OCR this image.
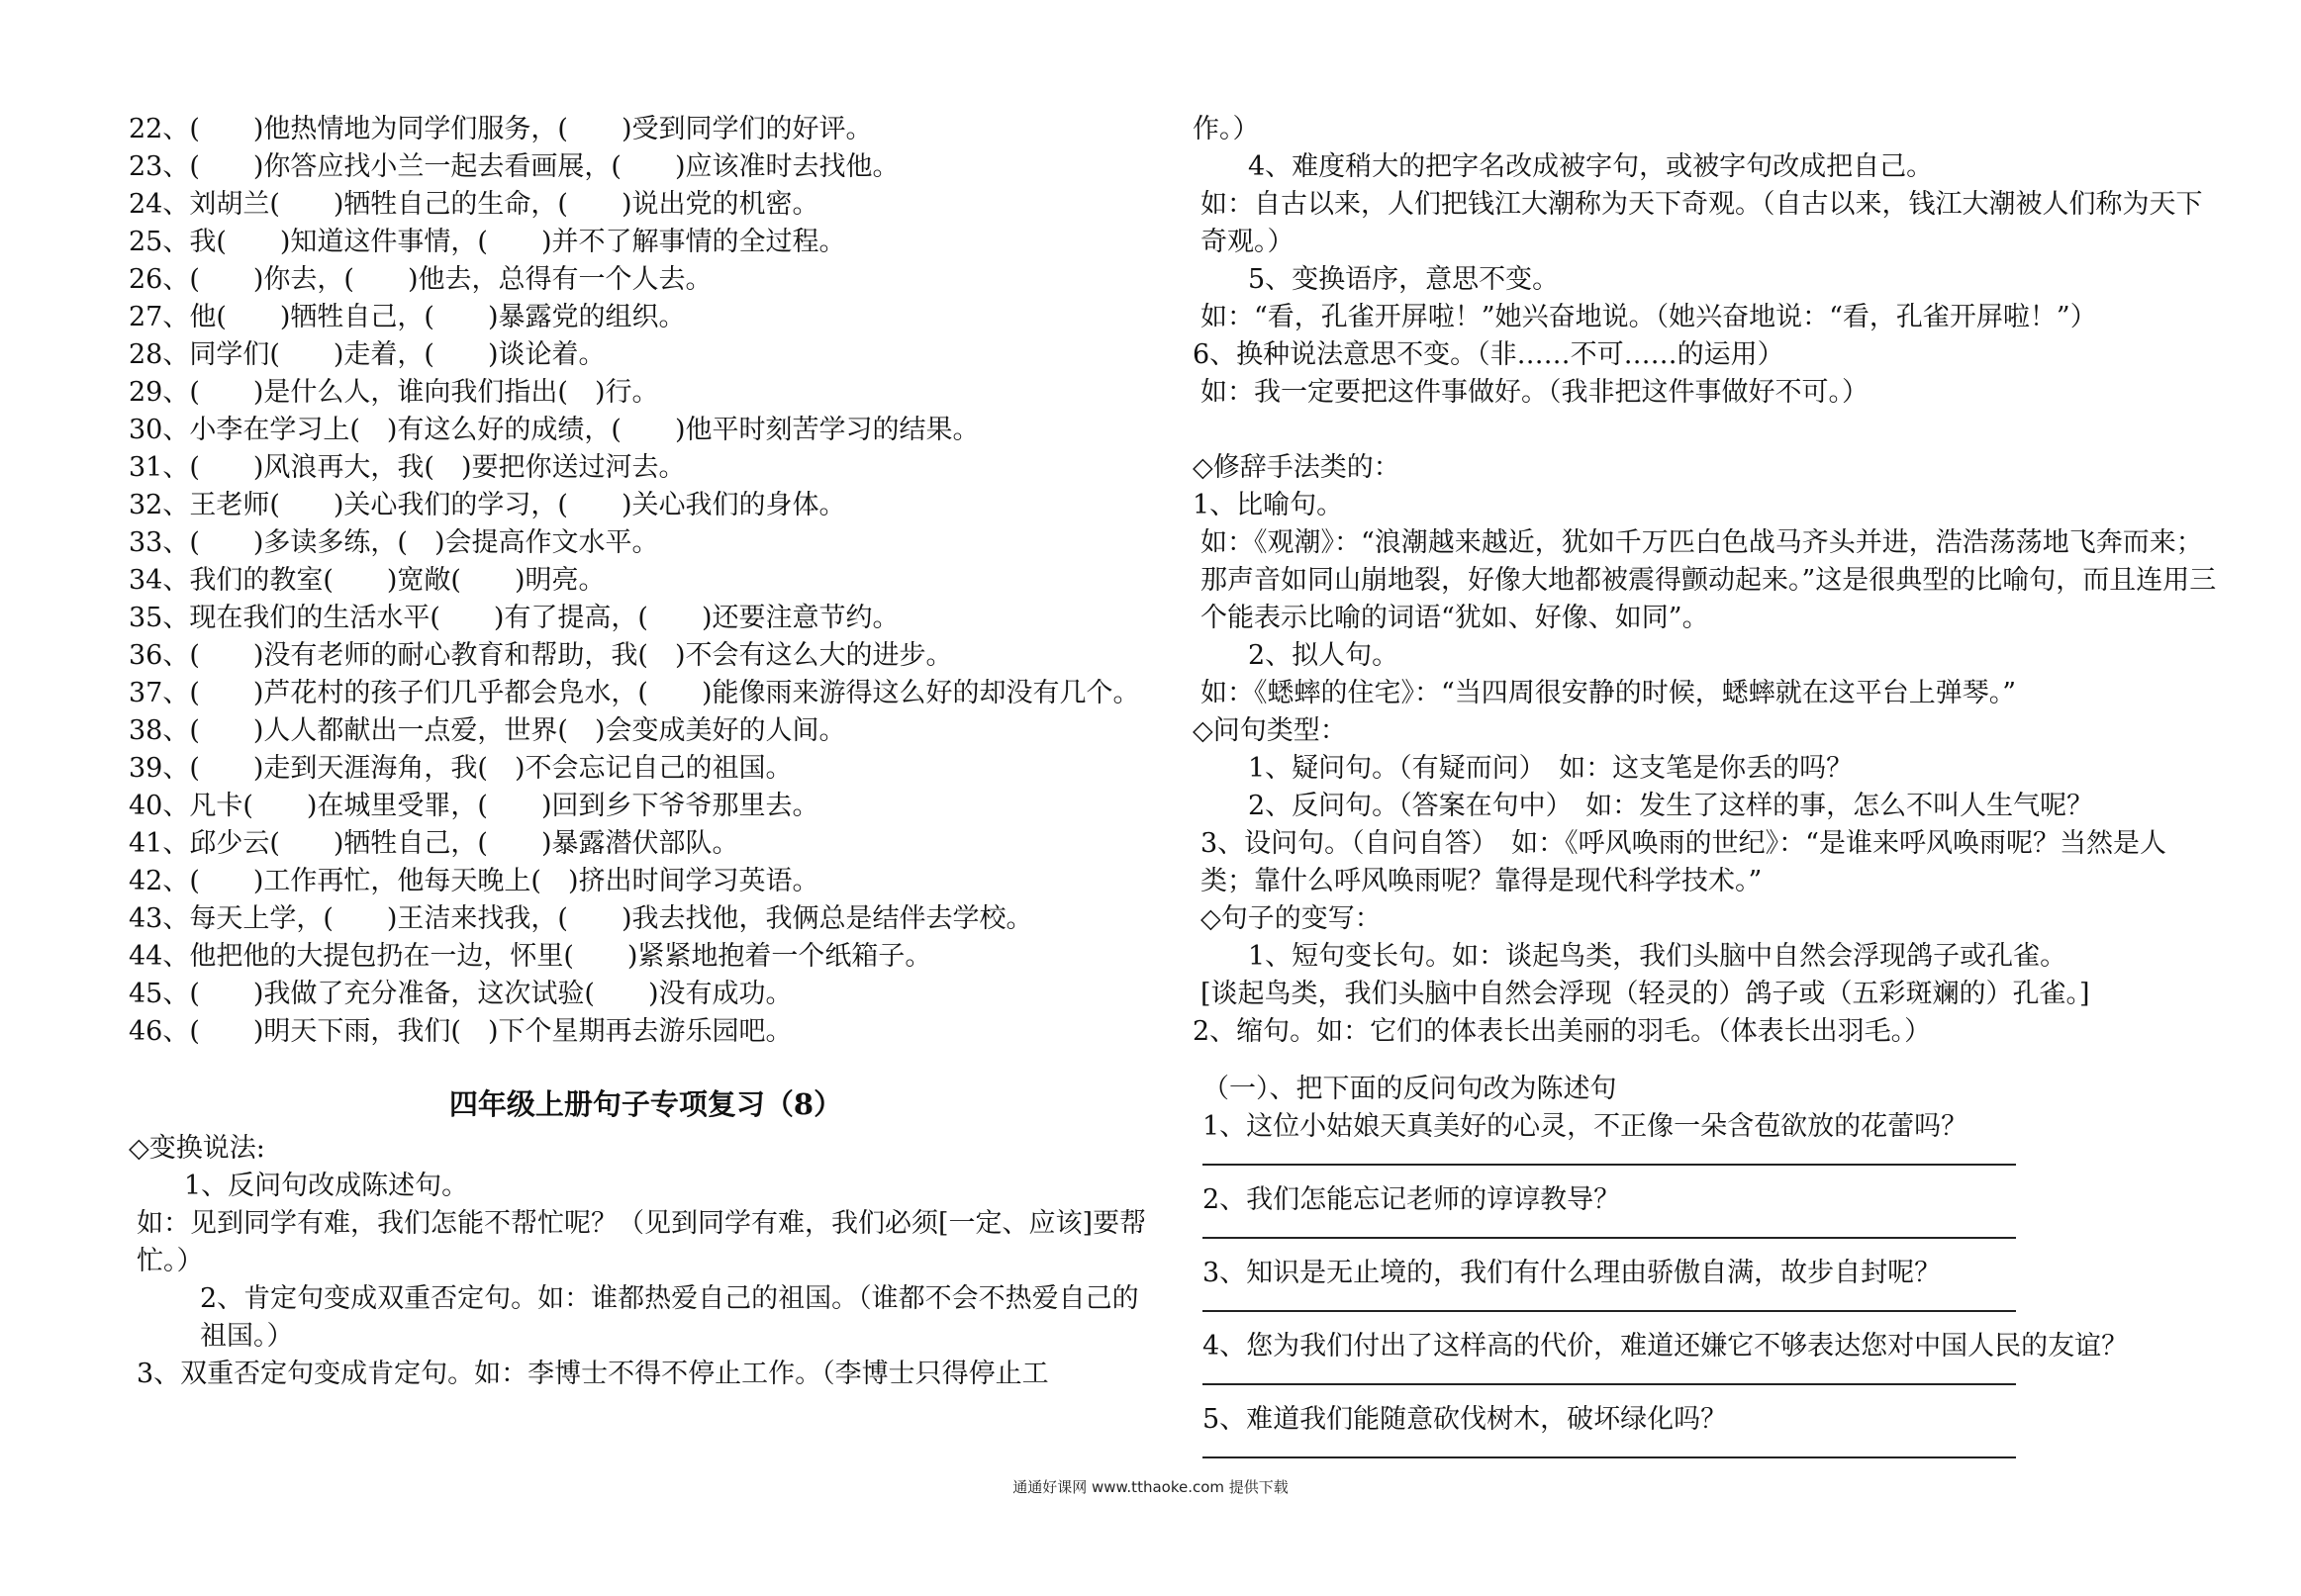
22、(　　)他热情地为同学们服务，(　　)受到同学们的好评。
23、(　　)你答应找小兰一起去看画展，(　　)应该准时去找他。
24、刘胡兰(　　)牺牲自己的生命，(　　)说出党的机密。
25、我(　　)知道这件事情，(　　)并不了解事情的全过程。
26、(　　)你去，(　　)他去，总得有一个人去。
27、他(　　)牺牲自己，(　　)暴露党的组织。
28、同学们(　　)走着，(　　)谈论着。
29、(　　)是什么人，谁向我们指出(　)行。
30、小李在学习上(　)有这么好的成绩，(　　)他平时刻苦学习的结果。
31、(　　)风浪再大，我(　)要把你送过河去。
32、王老师(　　)关心我们的学习，(　　)关心我们的身体。
33、(　　)多读多练，(　)会提高作文水平。
34、我们的教室(　　)宽敞(　　)明亮。
35、现在我们的生活水平(　　)有了提高，(　　)还要注意节约。
36、(　　)没有老师的耐心教育和帮助，我(　)不会有这么大的进步。
37、(　　)芦花村的孩子们几乎都会凫水，(　　)能像雨来游得这么好的却没有几个。
38、(　　)人人都献出一点爱，世界(　)会变成美好的人间。
39、(　　)走到天涯海角，我(　)不会忘记自己的祖国。
40、凡卡(　　)在城里受罪，(　　)回到乡下爷爷那里去。
41、邱少云(　　)牺牲自己，(　　)暴露潜伏部队。
42、(　　)工作再忙，他每天晚上(　)挤出时间学习英语。
43、每天上学，(　　)王洁来找我，(　　)我去找他，我俩总是结伴去学校。
44、他把他的大提包扔在一边，怀里(　　)紧紧地抱着一个纸箱子。
45、(　　)我做了充分准备，这次试验(　　)没有成功。
46、(　　)明天下雨，我们(　)下个星期再去游乐园吧。
四年级上册句子专项复习（8）
◇变换说法:
1、反问句改成陈述句。
如：见到同学有难，我们怎能不帮忙呢？（见到同学有难，我们必须[一定、应该]要帮忙。）
2、肯定句变成双重否定句。如：谁都热爱自己的祖国。（谁都不会不热爱自己的祖国。）
3、双重否定句变成肯定句。如：李博士不得不停止工作。（李博士只得停止工
作。）
4、难度稍大的把字名改成被字句，或被字句改成把自己。
如：自古以来，人们把钱江大潮称为天下奇观。（自古以来，钱江大潮被人们称为天下奇观。）
5、变换语序，意思不变。
如：“看，孔雀开屏啦！”她兴奋地说。（她兴奋地说：“看，孔雀开屏啦！”）
6、换种说法意思不变。（非……不可……的运用）
如：我一定要把这件事做好。（我非把这件事做好不可。）
◇修辞手法类的：
1、比喻句。
如：《观潮》：“浪潮越来越近，犹如千万匹白色战马齐头并进，浩浩荡荡地飞奔而来；那声音如同山崩地裂，好像大地都被震得颤动起来。”这是很典型的比喻句，而且连用三个能表示比喻的词语“犹如、好像、如同”。
2、拟人句。
如：《蟋蟀的住宅》：“当四周很安静的时候，蟋蟀就在这平台上弹琴。”
◇问句类型：
1、疑问句。（有疑而问）　如：这支笔是你丢的吗？
2、反问句。（答案在句中）　如：发生了这样的事，怎么不叫人生气呢？
3、设问句。（自问自答）　如：《呼风唤雨的世纪》：“是谁来呼风唤雨呢？当然是人类；靠什么呼风唤雨呢？靠得是现代科学技术。”
◇句子的变写：
1、短句变长句。如：谈起鸟类，我们头脑中自然会浮现鸽子或孔雀。
[谈起鸟类，我们头脑中自然会浮现（轻灵的）鸽子或（五彩斑斓的）孔雀。]
2、缩句。如：它们的体表长出美丽的羽毛。（体表长出羽毛。）
（一）、把下面的反问句改为陈述句
1、这位小姑娘天真美好的心灵，不正像一朵含苞欲放的花蕾吗？
2、我们怎能忘记老师的谆谆教导？
3、知识是无止境的，我们有什么理由骄傲自满，故步自封呢？
4、您为我们付出了这样高的代价，难道还嫌它不够表达您对中国人民的友谊？
5、难道我们能随意砍伐树木，破坏绿化吗？
通通好课网 www.tthaoke.com 提供下载
